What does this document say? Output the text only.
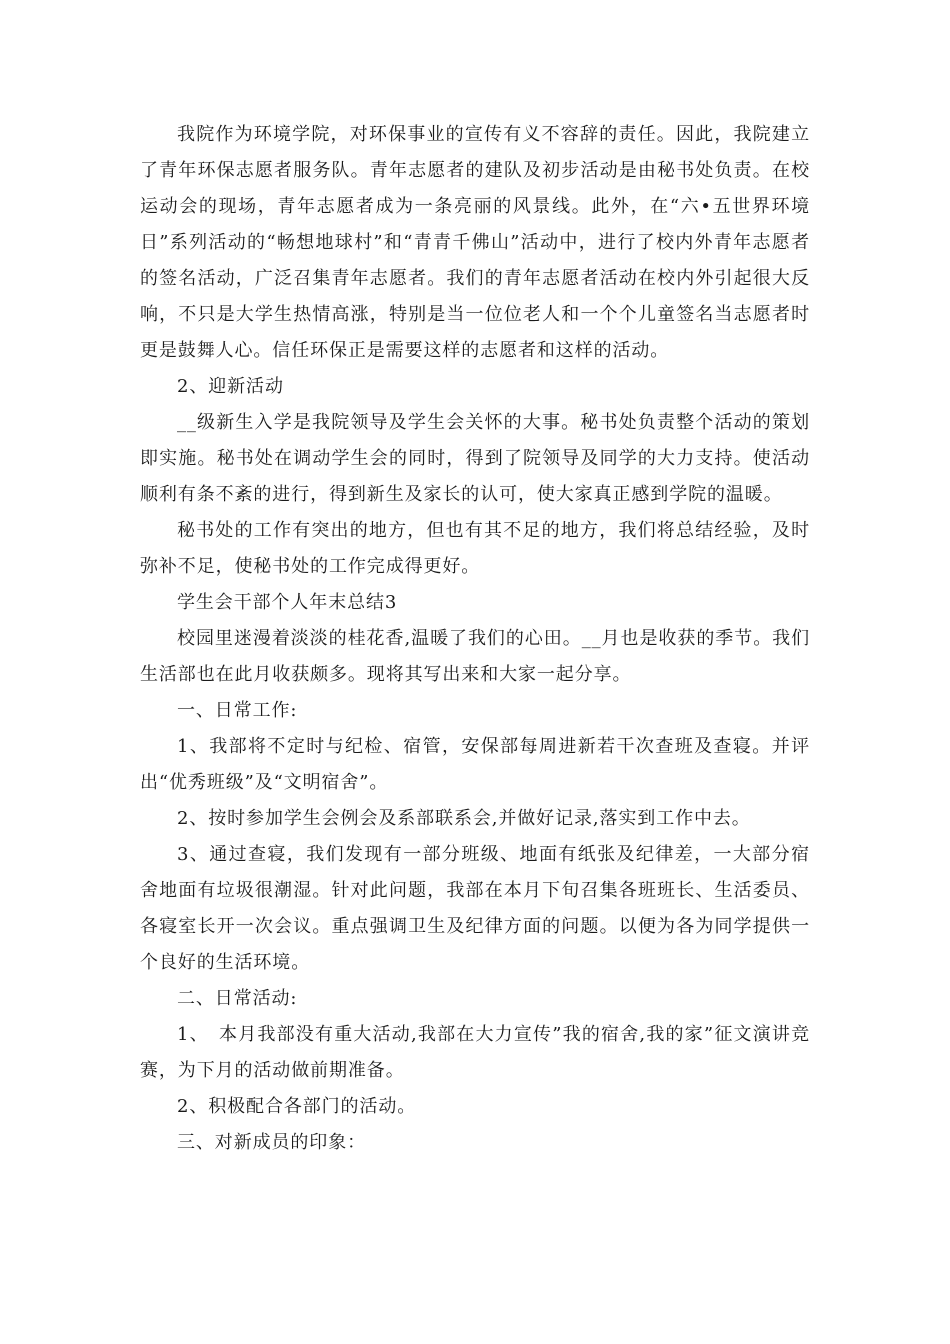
我院作为环境学院，对环保事业的宣传有义不容辞的责任。因此，我院建立了青年环保志愿者服务队。青年志愿者的建队及初步活动是由秘书处负责。在校运动会的现场，青年志愿者成为一条亮丽的风景线。此外，在“六•五世界环境日”系列活动的“畅想地球村”和“青青千佛山”活动中，进行了校内外青年志愿者的签名活动，广泛召集青年志愿者。我们的青年志愿者活动在校内外引起很大反响，不只是大学生热情高涨，特别是当一位位老人和一个个儿童签名当志愿者时更是鼓舞人心。信任环保正是需要这样的志愿者和这样的活动。

2、迎新活动

__级新生入学是我院领导及学生会关怀的大事。秘书处负责整个活动的策划即实施。秘书处在调动学生会的同时，得到了院领导及同学的大力支持。使活动顺利有条不紊的进行，得到新生及家长的认可，使大家真正感到学院的温暖。

秘书处的工作有突出的地方，但也有其不足的地方，我们将总结经验，及时弥补不足，使秘书处的工作完成得更好。

学生会干部个人年末总结3

校园里迷漫着淡淡的桂花香,温暖了我们的心田。__月也是收获的季节。我们生活部也在此月收获颇多。现将其写出来和大家一起分享。

一、日常工作:

1、我部将不定时与纪检、宿管，安保部每周进新若干次查班及查寝。并评出“优秀班级”及“文明宿舍”。

2、按时参加学生会例会及系部联系会,并做好记录,落实到工作中去。

3、通过查寝，我们发现有一部分班级、地面有纸张及纪律差，一大部分宿舍地面有垃圾很潮湿。针对此问题，我部在本月下旬召集各班班长、生活委员、各寝室长开一次会议。重点强调卫生及纪律方面的问题。以便为各为同学提供一个良好的生活环境。

二、日常活动:

1、　本月我部没有重大活动,我部在大力宣传”我的宿舍,我的家”征文演讲竞赛，为下月的活动做前期准备。

2、积极配合各部门的活动。

三、对新成员的印象：
